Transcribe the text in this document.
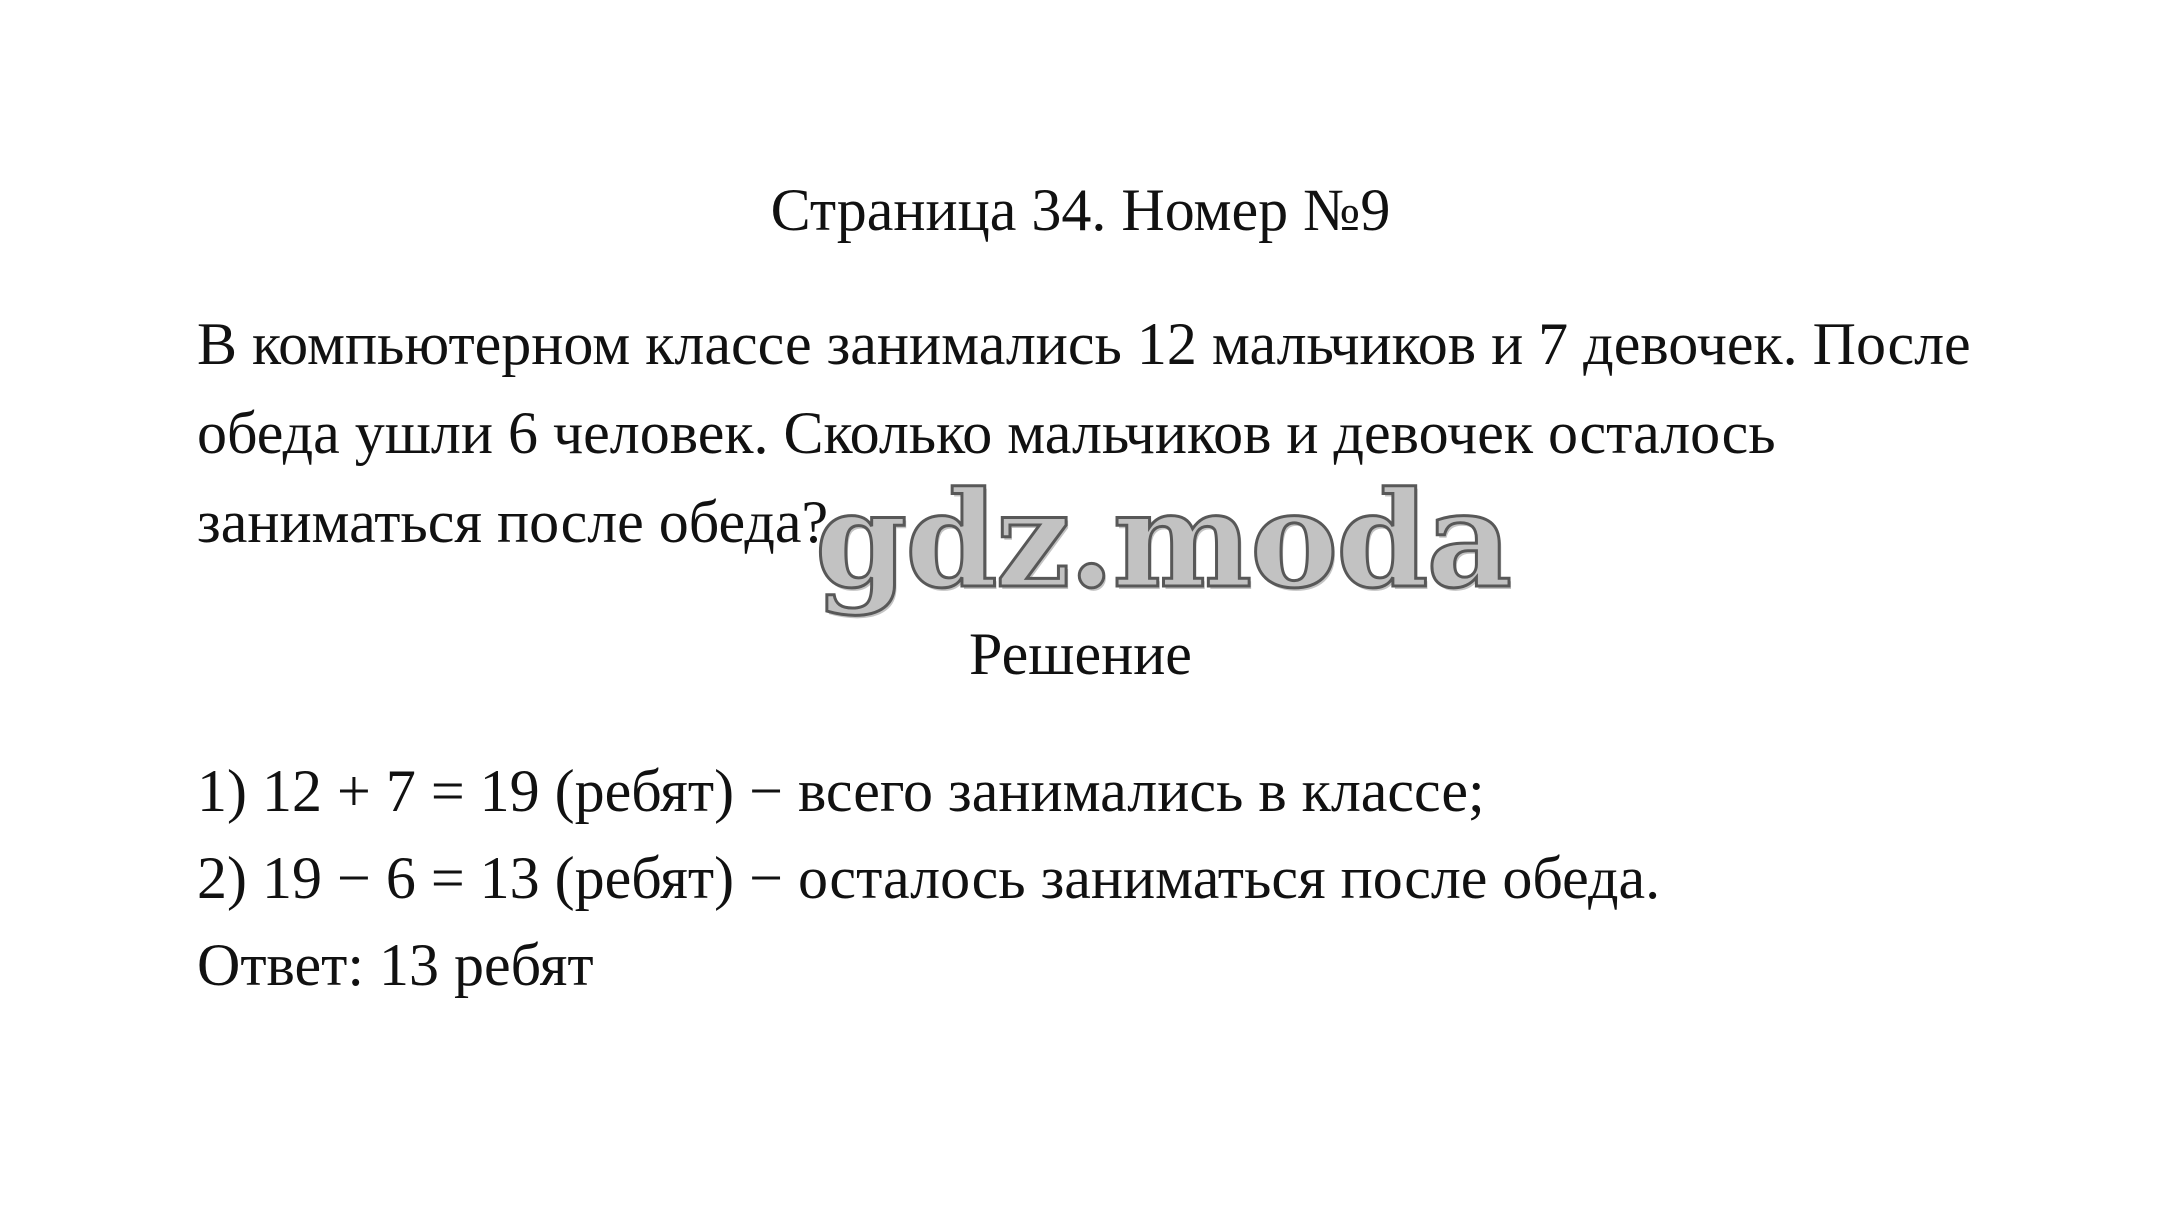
Страница 34. Номер №9
В компьютерном классе занимались 12 мальчиков и 7 девочек. После
обеда ушли 6 человек. Сколько мальчиков и девочек осталось
заниматься после обеда?
gdz.moda
Решение
1) 12 + 7 = 19 (ребят) − всего занимались в классе;
2) 19 − 6 = 13 (ребят) − осталось заниматься после обеда.
Ответ: 13 ребят
